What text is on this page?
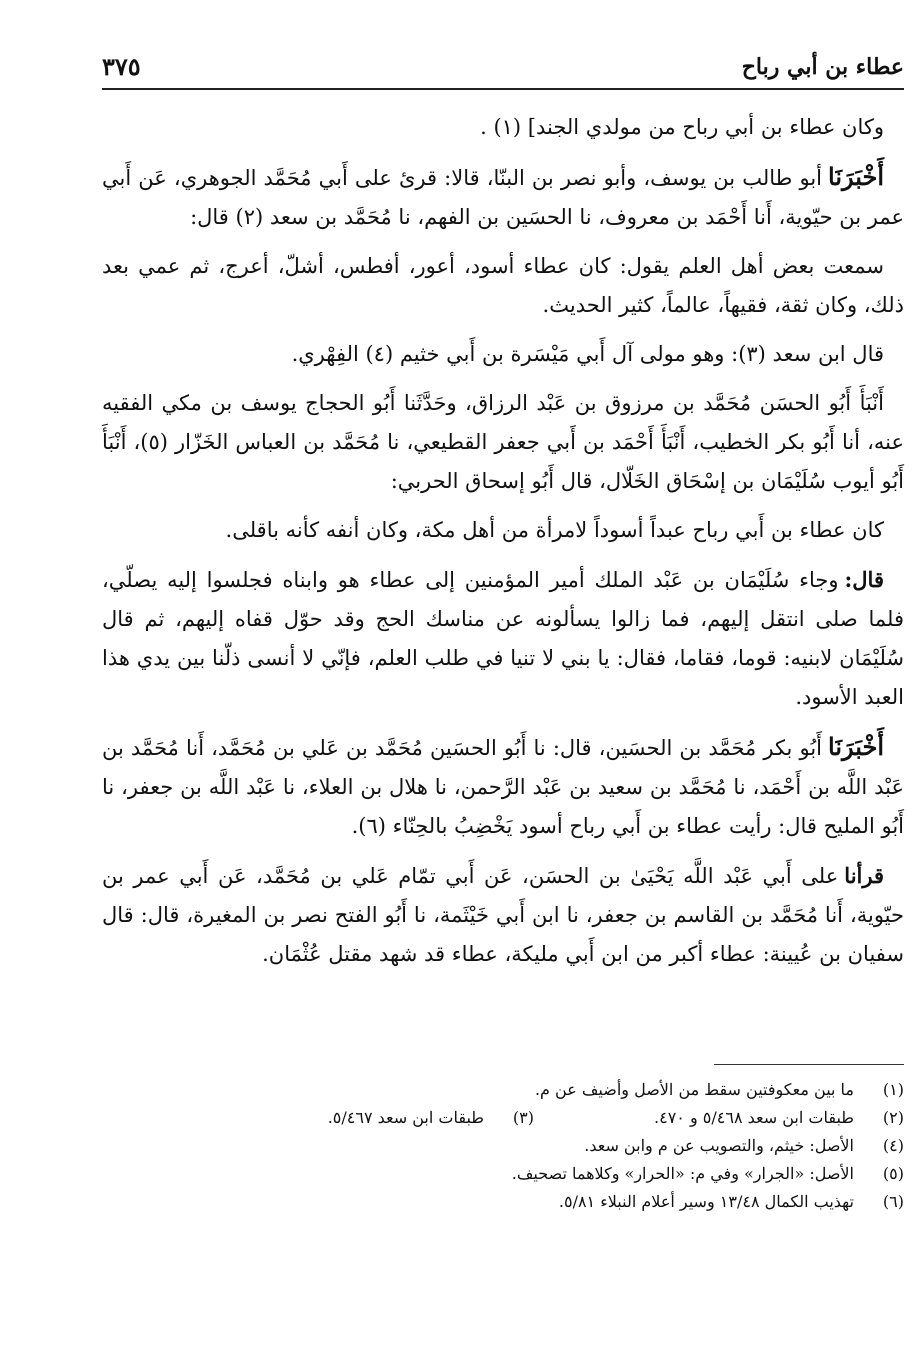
عطاء بن أبي رباح
٣٧٥

وكان عطاء بن أبي رباح من مولدي الجند] (١) .

أَخْبَرَنَاأبو طالب بن يوسف، وأبو نصر بن البنّا، قالا: قرئ على أَبي مُحَمَّد الجوهري، عَن أَبي عمر بن حيّوية، أَنا أَحْمَد بن معروف، نا الحسَين بن الفهم، نا مُحَمَّد بن سعد (٢) قال:

سمعت بعض أهل العلم يقول: كان عطاء أسود، أعور، أفطس، أشلّ، أعرج، ثم عمي بعد ذلك، وكان ثقة، فقيهاً، عالماً، كثير الحديث.

قال ابن سعد (٣): وهو مولى آل أَبي مَيْسَرة بن أَبي خثيم (٤) الفِهْري.

أَنْبَأَ أَبُو الحسَن مُحَمَّد بن مرزوق بن عَبْد الرزاق، وحَدَّثَنا أَبُو الحجاج يوسف بن مكي الفقيه عنه، أنا أَبُو بكر الخطيب، أَنْبَأَ أَحْمَد بن أَبي جعفر القطيعي، نا مُحَمَّد بن العباس الخَزّار (٥)، أَنْبَأَ أَبُو أيوب سُلَيْمَان بن إسْحَاق الخَلّال، قال أَبُو إسحاق الحربي:

كان عطاء بن أَبي رباح عبداً أسوداً لامرأة من أهل مكة، وكان أنفه كأنه باقلى.

قال:وجاء سُلَيْمَان بن عَبْد الملك أمير المؤمنين إلى عطاء هو وابناه فجلسوا إليه يصلّي، فلما صلى انتقل إليهم، فما زالوا يسألونه عن مناسك الحج وقد حوّل قفاه إليهم، ثم قال سُلَيْمَان لابنيه: قوما، فقاما، فقال: يا بني لا تنيا في طلب العلم، فإنّي لا أنسى ذلّنا بين يدي هذا العبد الأسود.

أَخْبَرَنَاأَبُو بكر مُحَمَّد بن الحسَين، قال: نا أَبُو الحسَين مُحَمَّد بن عَلي بن مُحَمَّد، أَنا مُحَمَّد بن عَبْد اللَّه بن أَحْمَد، نا مُحَمَّد بن سعيد بن عَبْد الرَّحمن، نا هلال بن العلاء، نا عَبْد اللَّه بن جعفر، نا أَبُو المليح قال: رأيت عطاء بن أَبي رباح أسود يَخْضِبُ بالحِنّاء (٦).

قرأناعلى أَبي عَبْد اللَّه يَحْيَىٰ بن الحسَن، عَن أَبي تمّام عَلي بن مُحَمَّد، عَن أَبي عمر بن حيّوية، أَنا مُحَمَّد بن القاسم بن جعفر، نا ابن أَبي خَيْثَمة، نا أَبُو الفتح نصر بن المغيرة، قال: قال سفيان بن عُيينة: عطاء أكبر من ابن أَبي مليكة، عطاء قد شهد مقتل عُثْمَان.

(١)
ما بين معكوفتين سقط من الأصل وأضيف عن م.
(٢)
طبقات ابن سعد ٥/٤٦٨ و ٤٧٠.
(٣)
طبقات ابن سعد ٥/٤٦٧.
(٤)
الأصل: خيثم، والتصويب عن م وابن سعد.
(٥)
الأصل: «الجرار» وفي م: «الحرار» وكلاهما تصحيف.
(٦)
تهذيب الكمال ١٣/٤٨ وسير أعلام النبلاء ٥/٨١.
